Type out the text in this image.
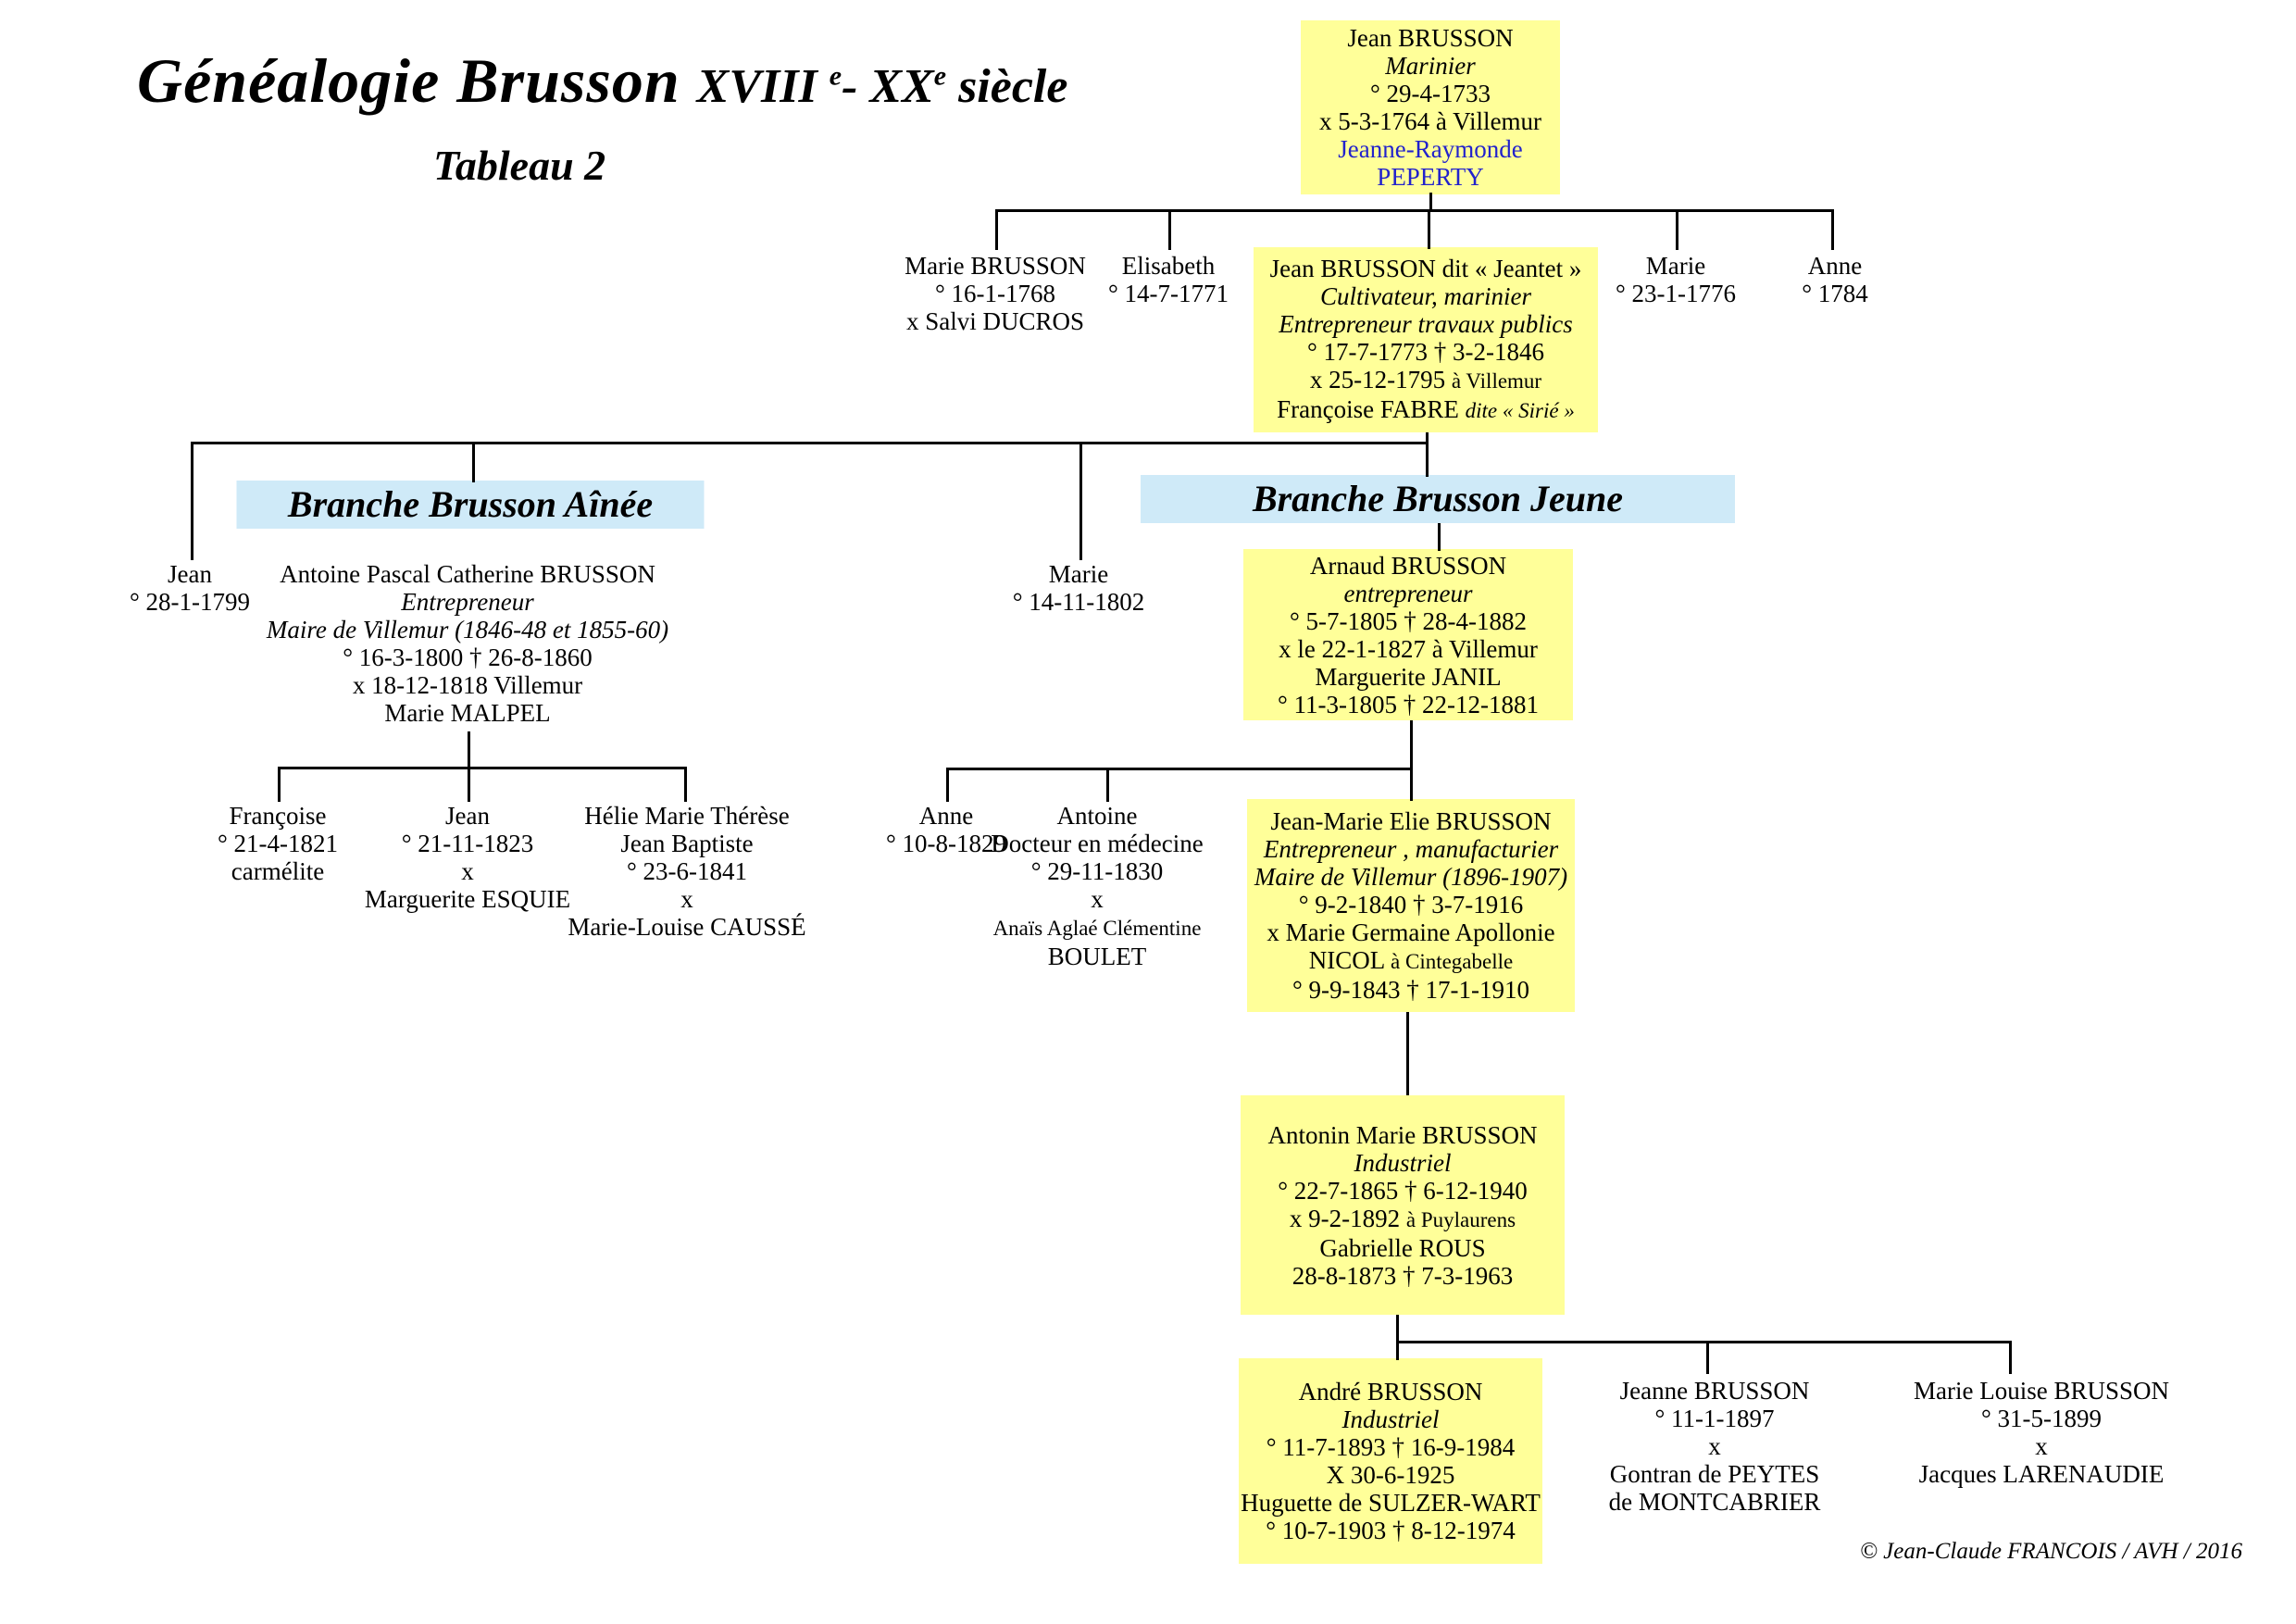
Généalogie Brusson XVIII $^e$- XXe siècle
Tableau 2
Jean BRUSSON
Marinier
° 29-4-1733
x 5-3-1764 à Villemur
Jeanne-Raymonde
PEPERTY
Marie BRUSSON
° 16-1-1768
x Salvi DUCROS
Elisabeth
° 14-7-1771
Jean BRUSSON dit « Jeantet »
Cultivateur, marinier
Entrepreneur travaux publics
° 17-7-1773 † 3-2-1846
x 25-12-1795 à Villemur
Françoise FABRE dite « Sirié »
Marie
° 23-1-1776
Anne
° 1784
Branche Brusson Aînée	Branche Brusson Jeune
Jean
° 28-1-1799
Antoine Pascal Catherine BRUSSON
Entrepreneur
Maire de Villemur (1846-48 et 1855-60)
° 16-3-1800 † 26-8-1860
x 18-12-1818 Villemur
Marie MALPEL
Marie
° 14-11-1802
Arnaud BRUSSON
entrepreneur
° 5-7-1805 † 28-4-1882
x le 22-1-1827 à Villemur
Marguerite JANIL
° 11-3-1805 † 22-12-1881
Françoise
° 21-4-1821
carmélite
Jean
° 21-11-1823
x
Marguerite ESQUIE
Hélie Marie Thérèse
Jean Baptiste
° 23-6-1841
x
Marie-Louise CAUSSÉ
Anne
° 10-8-1829
Antoine
Docteur en médecine
° 29-11-1830
x
Anaïs Aglaé Clémentine
BOULET
Jean-Marie Elie BRUSSON
Entrepreneur , manufacturier
Maire de Villemur (1896-1907)
° 9-2-1840 † 3-7-1916
x Marie Germaine Apollonie
NICOL à Cintegabelle
° 9-9-1843 † 17-1-1910
Antonin Marie BRUSSON
Industriel
° 22-7-1865 † 6-12-1940
x 9-2-1892 à Puylaurens
Gabrielle ROUS
28-8-1873 † 7-3-1963
André BRUSSON
Industriel
° 11-7-1893 † 16-9-1984
X 30-6-1925
Huguette de SULZER-WART
° 10-7-1903 † 8-12-1974
Jeanne BRUSSON
° 11-1-1897
x
Gontran de PEYTES
de MONTCABRIER
Marie Louise BRUSSON
° 31-5-1899
x
Jacques LARENAUDIE
© Jean-Claude FRANCOIS / AVH / 2016
